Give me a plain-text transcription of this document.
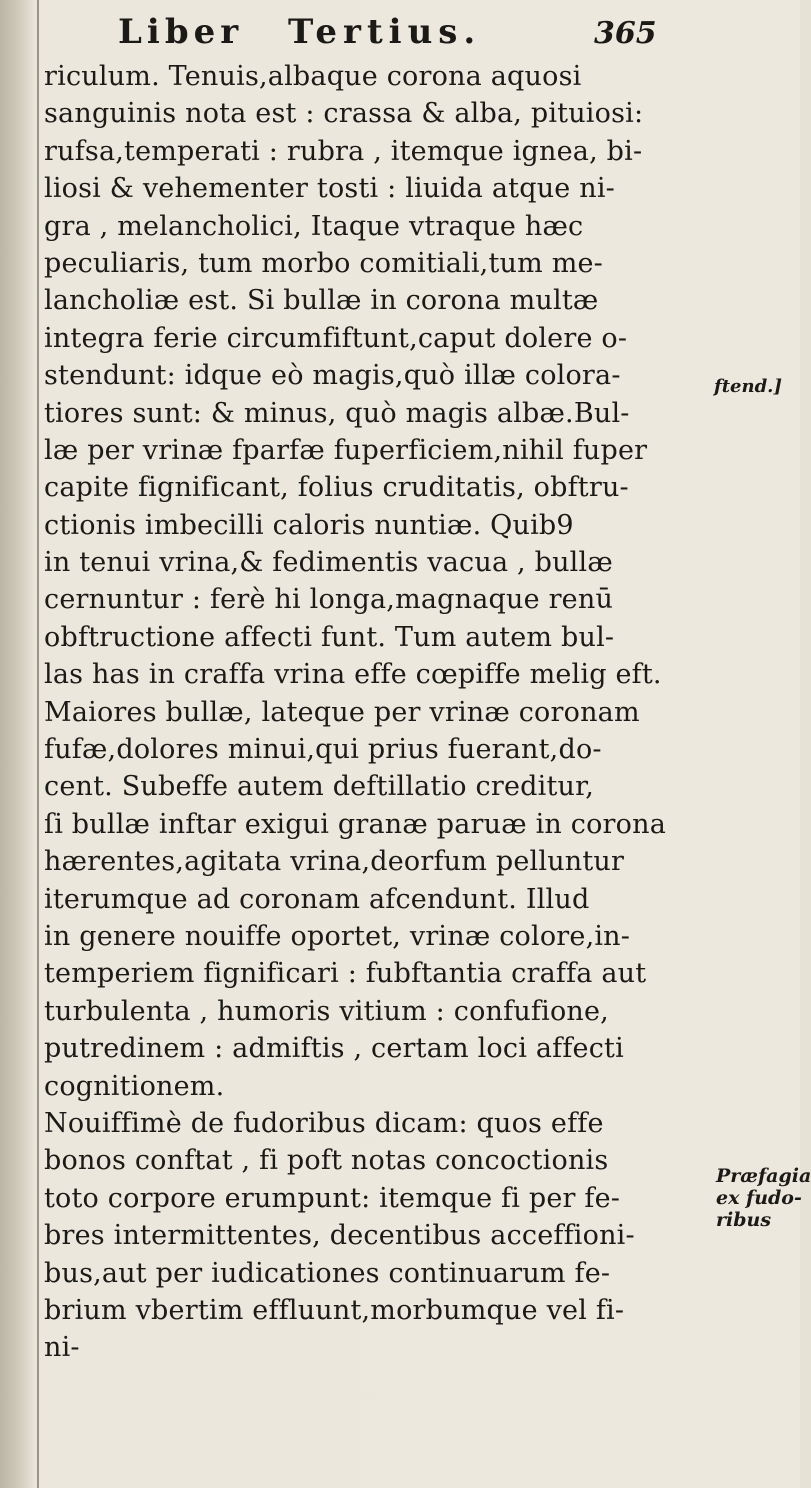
Liber Tertius.	365
riculum. Tenuis,albaque corona aquosi
sanguinis nota est : crassa & alba, pituiosi:
rufsa,temperati : rubra , itemque ignea, bi-
liosi & vehementer tosti : liuida atque ni-
gra , melancholici, Itaque vtraque hæc
peculiaris, tum morbo comitiali,tum me-
lancholiæ est. Si bullæ in corona multæ
integra ferie circumfiftunt,caput dolere o-
stendunt: idque eò magis,quò illæ colora-
tiores sunt: & minus, quò magis albæ.Bul-
læ per vrinæ fparfæ fuperficiem,nihil fuper
capite fignificant, folius cruditatis, obftru-
ctionis imbecilli caloris nuntiæ. Quib9
in tenui vrina,& fedimentis vacua , bullæ
cernuntur : ferè hi longa,magnaque renū
obftructione affecti funt. Tum autem bul-
las has in craffa vrina effe cœpiffe melig eft.
Maiores bullæ, lateque per vrinæ coronam
fufæ,dolores minui,qui prius fuerant,do-
cent. Subeffe autem deftillatio creditur,
ſi bullæ inftar exigui granæ paruæ in corona
hærentes,agitata vrina,deorfum pelluntur
iterumque ad coronam afcendunt. Illud
in genere nouiffe oportet, vrinæ colore,in-
temperiem fignificari : fubftantia craffa aut
turbulenta , humoris vitium : confufione,
putredinem : admiftis , certam loci affecti
cognitionem.
Nouiffimè de fudoribus dicam: quos effe
bonos conftat , fi poft notas concoctionis
toto corpore erumpunt: itemque fi per fe-
bres intermittentes, decentibus acceffioni-
bus,aut per iudicationes continuarum fe-
brium vbertim effluunt,morbumque vel fi-
ni-
ftend.]
Præfagia
ex fudo-
ribus
